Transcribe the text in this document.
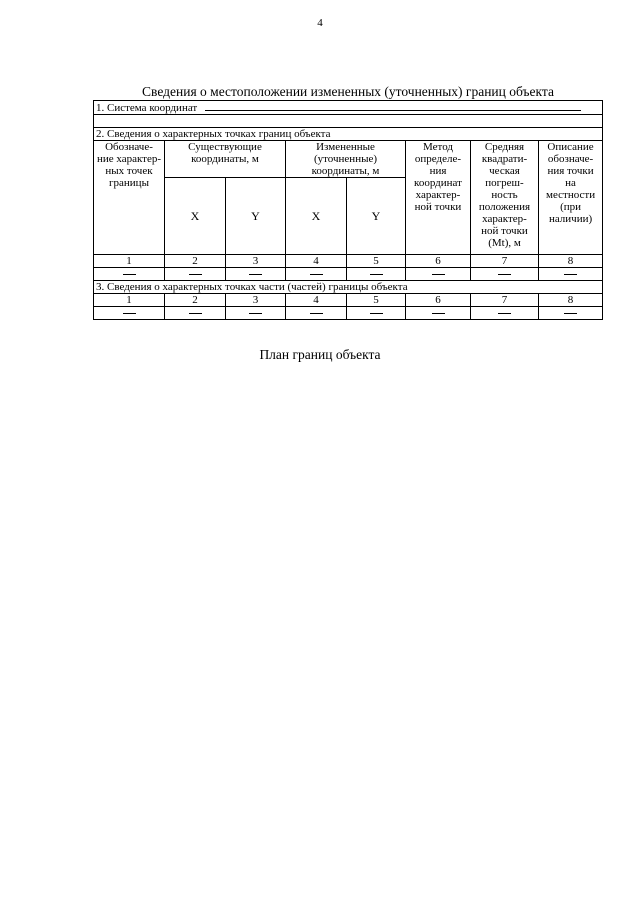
4
Сведения о местоположении измененных (уточненных) границ объекта
1. Система координат							

2. Сведения о характерных точках границ объекта							
Обозначе- ние характер- ных точек границы	Существующие координаты, м		Измененные (уточненные) координаты, м		Метод определе- ния координат характер- ной точки	Средняя квадрати- ческая погреш- ность положения характер- ной точки (Mt), м	Описание обозначе- ния точки на местности (при наличии)
	X	Y	X	Y			
1	2	3	4	5	6	7	8

3. Сведения о характерных точках части (частей) границы объекта							
1	2	3	4	5	6	7	8

План границ объекта
